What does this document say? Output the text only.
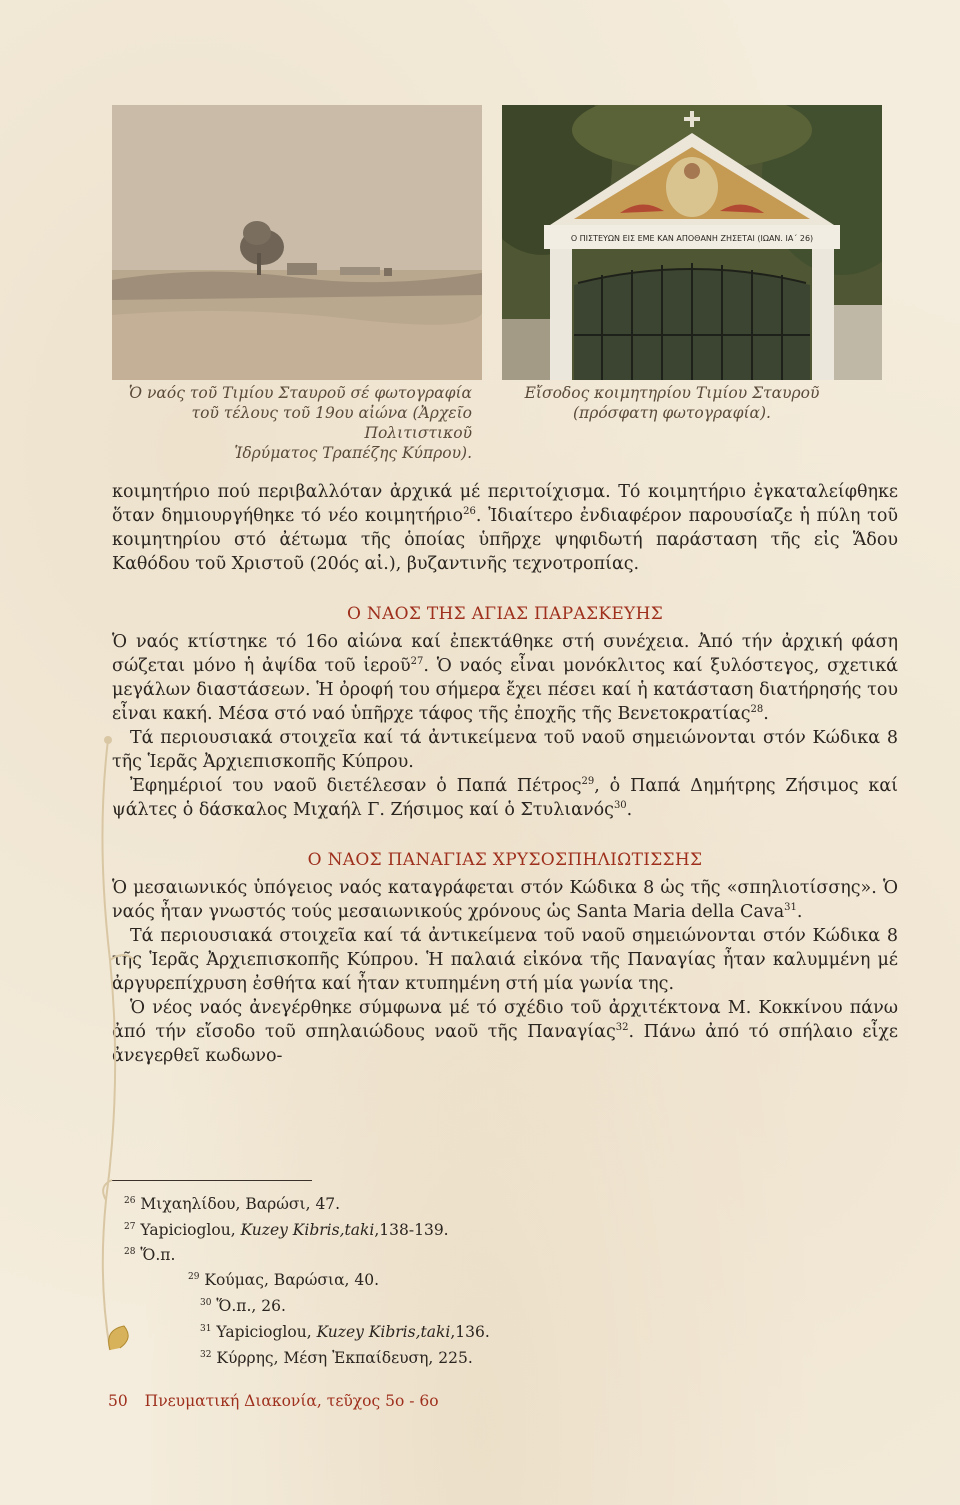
Ο ΠΙΣΤΕΥΩΝ ΕΙΣ ΕΜΕ ΚΑΝ ΑΠΟΘΑΝΗ ΖΗΣΕΤΑΙ (ΙΩΑΝ. ΙΑ΄ 26)
Ὁ ναός τοῦ Τιμίου Σταυροῦ σέ φωτογραφία
τοῦ τέλους τοῦ 19ου αἰώνα (Ἀρχεῖο Πολιτιστικοῦ
Ἱδρύματος Τραπέζης Κύπρου).
Εἴσοδος κοιμητηρίου Τιμίου Σταυροῦ
(πρόσφατη φωτογραφία).

κοιμητήριο πού περιβαλλόταν ἀρχικά μέ περιτοίχισμα. Τό κοιμητήριο ἐγκαταλείφθηκε ὅταν δημιουργήθηκε τό νέο κοιμητήριο$^{26}$. Ἰδιαίτερο ἐνδιαφέρον παρουσίαζε ἡ πύλη τοῦ κοιμητηρίου στό ἀέτωμα τῆς ὁποίας ὑπῆρχε ψηφιδωτή παράσταση τῆς εἰς Ἅδου Καθόδου τοῦ Χριστοῦ (20ός αἰ.), βυζαντινῆς τεχνοτροπίας.

Ο ΝΑΟΣ ΤΗΣ ΑΓΙΑΣ ΠΑΡΑΣΚΕΥΗΣ

Ὁ ναός κτίστηκε τό 16ο αἰώνα καί ἐπεκτάθηκε στή συνέχεια. Ἀπό τήν ἀρχική φάση σώζεται μόνο ἡ ἀψίδα τοῦ ἱεροῦ$^{27}$. Ὁ ναός εἶναι μονόκλιτος καί ξυλόστεγος, σχετικά μεγάλων διαστάσεων. Ἡ ὀροφή του σήμερα ἔχει πέσει καί ἡ κατάσταση διατήρησής του εἶναι κακή. Μέσα στό ναό ὑπῆρχε τάφος τῆς ἐποχῆς τῆς Βενετοκρατίας$^{28}$.

Τά περιουσιακά στοιχεῖα καί τά ἀντικείμενα τοῦ ναοῦ σημειώνονται στόν Κώδικα 8 τῆς Ἱερᾶς Ἀρχιεπισκοπῆς Κύπρου.

Ἐφημέριοί του ναοῦ διετέλεσαν ὁ Παπά Πέτρος$^{29}$, ὁ Παπά Δημήτρης Ζήσιμος καί ψάλτες ὁ δάσκαλος Μιχαήλ Γ. Ζήσιμος καί ὁ Στυλιανός$^{30}$.

Ο ΝΑΟΣ ΠΑΝΑΓΙΑΣ ΧΡΥΣΟΣΠΗΛΙΩΤΙΣΣΗΣ

Ὁ μεσαιωνικός ὑπόγειος ναός καταγράφεται στόν Κώδικα 8 ὡς τῆς «σπηλιοτίσσης». Ὁ ναός ἦταν γνωστός τούς μεσαιωνικούς χρόνους ὡς Santa Maria della Cava$^{31}$.

Τά περιουσιακά στοιχεῖα καί τά ἀντικείμενα τοῦ ναοῦ σημειώνονται στόν Κώδικα 8 τῆς Ἱερᾶς Ἀρχιεπισκοπῆς Κύπρου. Ἡ παλαιά εἰκόνα τῆς Παναγίας ἦταν καλυμμένη μέ ἀργυρεπίχρυση ἐσθήτα καί ἦταν κτυπημένη στή μία γωνία της.

Ὁ νέος ναός ἀνεγέρθηκε σύμφωνα μέ τό σχέδιο τοῦ ἀρχιτέκτονα Μ. Κοκκίνου πάνω ἀπό τήν εἴσοδο τοῦ σπηλαιώδους ναοῦ τῆς Παναγίας$^{32}$. Πάνω ἀπό τό σπήλαιο εἶχε ἀνεγερθεῖ κωδωνο-

$^{26}$ Μιχαηλίδου, Βαρώσι, 47.
$^{27}$ Yapicioglou, Kuzey Kibris,taki,138-139.
$^{28}$ Ὅ.π.
$^{29}$ Κούμας, Βαρώσια, 40.
$^{30}$ Ὅ.π., 26.
$^{31}$ Yapicioglou, Kuzey Kibris,taki,136.
$^{32}$ Κύρρης, Μέση Ἐκπαίδευση, 225.
50 Πνευματική Διακονία, τεῦχος 5ο - 6ο
